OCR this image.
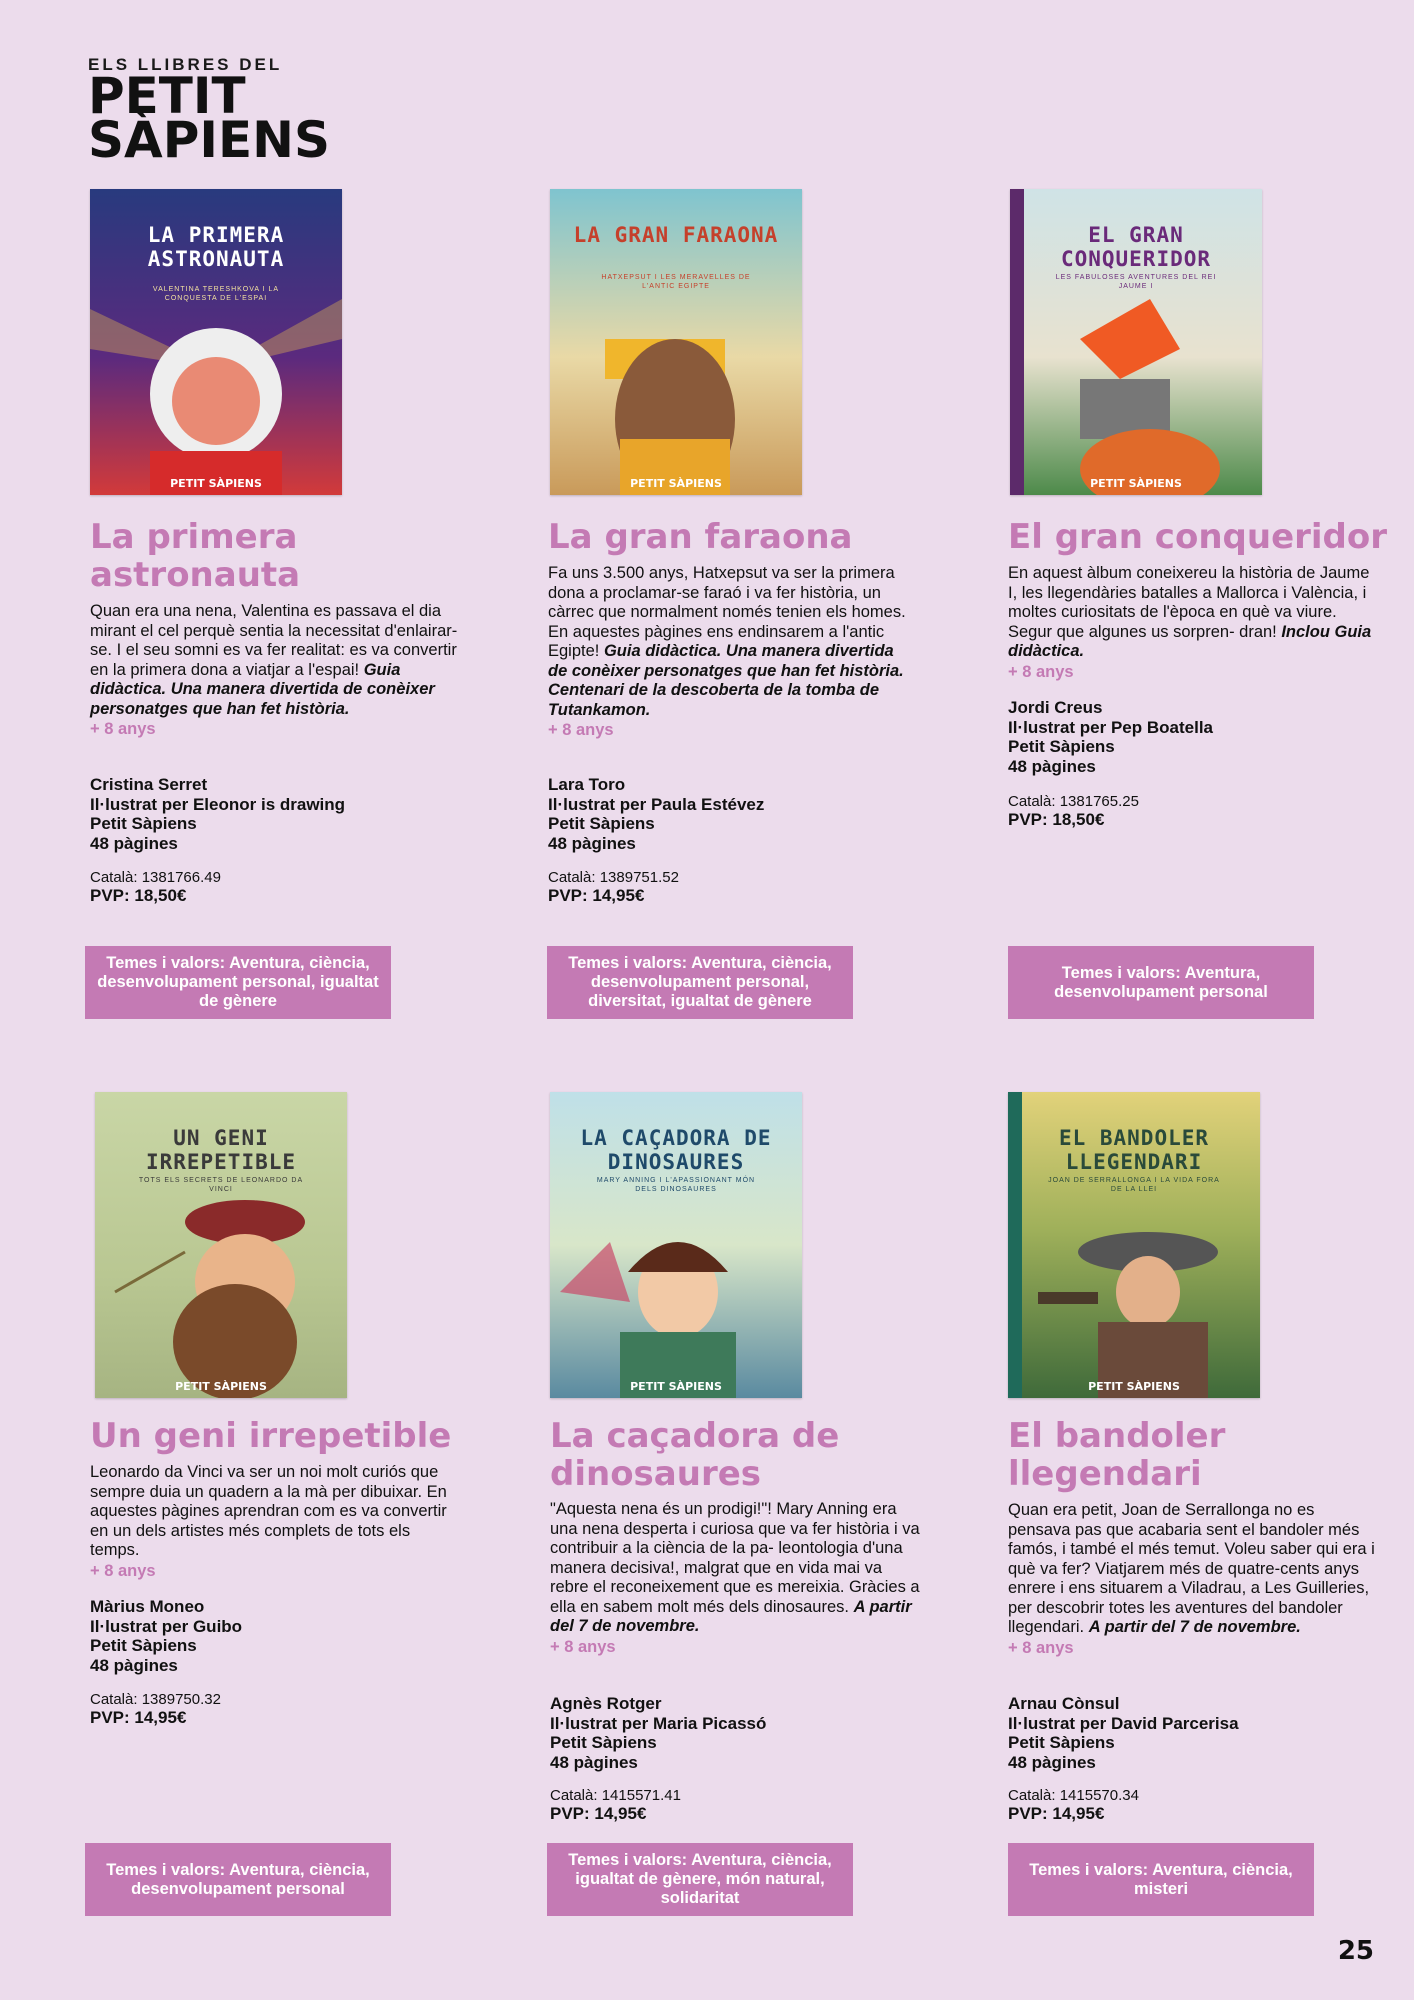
ELS LLIBRES DEL
PETIT
SÀPIENS
LA PRIMERA ASTRONAUTA
VALENTINA TERESHKOVA I LA CONQUESTA DE L'ESPAI
PETIT SÀPIENS
La primera astronauta
Quan era una nena, Valentina es passava el dia mirant el cel perquè sentia la necessitat d'enlairar-se. I el seu somni es va fer realitat: es va convertir en la primera dona a viatjar a l'espai! Guia didàctica. Una manera divertida de conèixer personatges que han fet història.
+ 8 anys
Cristina Serret
Il·lustrat per Eleonor is drawing
Petit Sàpiens
48 pàgines
Català: 1381766.49
PVP: 18,50€
Temes i valors: Aventura, ciència, desenvolupament personal, igualtat de gènere
LA GRAN FARAONA
HATXEPSUT I LES MERAVELLES DE L'ANTIC EGIPTE
PETIT SÀPIENS
La gran faraona
Fa uns 3.500 anys, Hatxepsut va ser la primera dona a proclamar-se faraó i va fer història, un càrrec que normalment només tenien els homes. En aquestes pàgines ens endinsarem a l'antic Egipte! Guia didàctica. Una manera divertida de conèixer personatges que han fet història. Centenari de la descoberta de la tomba de Tutankamon.
+ 8 anys
Lara Toro
Il·lustrat per Paula Estévez
Petit Sàpiens
48 pàgines
Català: 1389751.52
PVP: 14,95€
Temes i valors: Aventura, ciència, desenvolupament personal, diversitat, igualtat de gènere
EL GRAN CONQUERIDOR
LES FABULOSES AVENTURES DEL REI JAUME I
PETIT SÀPIENS
El gran conqueridor
En aquest àlbum coneixereu la història de Jaume I, les llegendàries batalles a Mallorca i València, i moltes curiositats de l'època en què va viure. Segur que algunes us sorpren- dran! Inclou Guia didàctica.
+ 8 anys
Jordi Creus
Il·lustrat per Pep Boatella
Petit Sàpiens
48 pàgines
Català: 1381765.25
PVP: 18,50€
Temes i valors: Aventura, desenvolupament personal
UN GENI IRREPETIBLE
TOTS ELS SECRETS DE LEONARDO DA VINCI
PETIT SÀPIENS
Un geni irrepetible
Leonardo da Vinci va ser un noi molt curiós que sempre duia un quadern a la mà per dibuixar. En aquestes pàgines aprendran com es va convertir en un dels artistes més complets de tots els temps.
+ 8 anys
Màrius Moneo
Il·lustrat per Guibo
Petit Sàpiens
48 pàgines
Català: 1389750.32
PVP: 14,95€
Temes i valors: Aventura, ciència, desenvolupament personal
LA CAÇADORA DE DINOSAURES
MARY ANNING I L'APASSIONANT MÓN DELS DINOSAURES
PETIT SÀPIENS
La caçadora de dinosaures
"Aquesta nena és un prodigi!"! Mary Anning era una nena desperta i curiosa que va fer història i va contribuir a la ciència de la pa- leontologia d'una manera decisiva!, malgrat que en vida mai va rebre el reconeixement que es mereixia. Gràcies a ella en sabem molt més dels dinosaures. A partir del 7 de novembre.
+ 8 anys
Agnès Rotger
Il·lustrat per Maria Picassó
Petit Sàpiens
48 pàgines
Català: 1415571.41
PVP: 14,95€
Temes i valors: Aventura, ciència, igualtat de gènere, món natural, solidaritat
EL BANDOLER LLEGENDARI
JOAN DE SERRALLONGA I LA VIDA FORA DE LA LLEI
PETIT SÀPIENS
El bandoler llegendari
Quan era petit, Joan de Serrallonga no es pensava pas que acabaria sent el bandoler més famós, i també el més temut. Voleu saber qui era i què va fer? Viatjarem més de quatre-cents anys enrere i ens situarem a Viladrau, a Les Guilleries, per descobrir totes les aventures del bandoler llegendari. A partir del 7 de novembre.
+ 8 anys
Arnau Cònsul
Il·lustrat per David Parcerisa
Petit Sàpiens
48 pàgines
Català: 1415570.34
PVP: 14,95€
Temes i valors: Aventura, ciència, misteri
25
